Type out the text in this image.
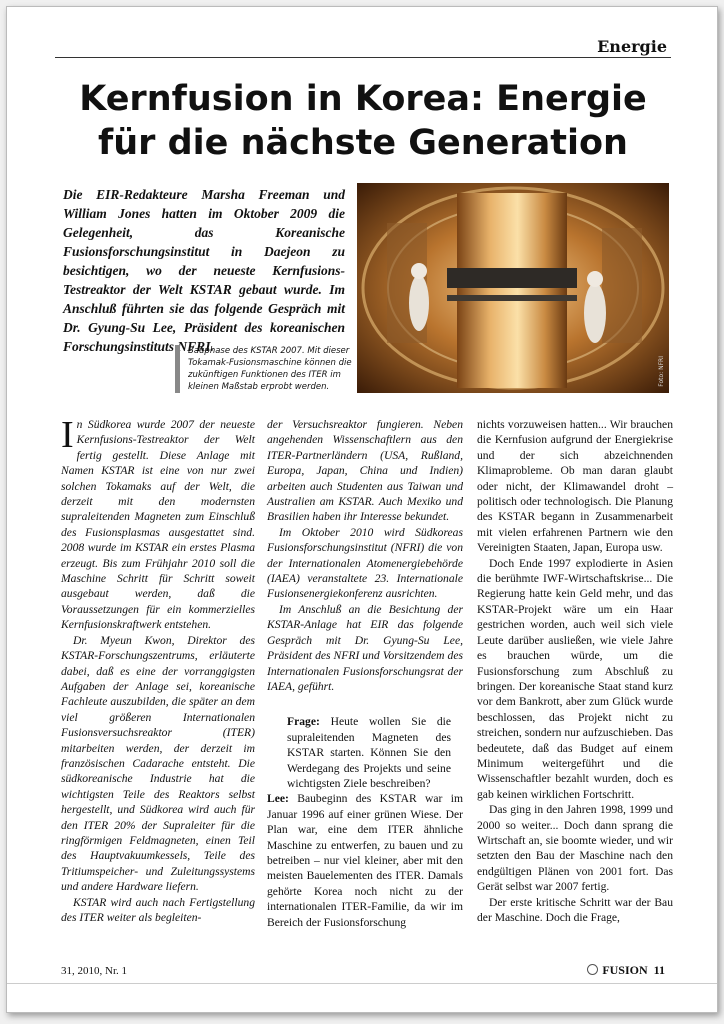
Energie
Kernfusion in Korea: Energie
für die nächste Generation

Die EIR-Redakteure Marsha Freeman und William Jones hatten im Oktober 2009 die Gelegenheit, das Koreanische Fusionsforschungsinstitut in Daejeon zu besichtigen, wo der neueste Kernfusions-Testreaktor der Welt KSTAR gebaut wurde. Im Anschluß führten sie das folgende Gespräch mit Dr. Gyung-Su Lee, Präsident des koreanischen Forschungsinstituts NFRI.

Foto: NFRI

Bauphase des KSTAR 2007. Mit dieser Tokamak-Fusionsmaschine können die zukünftigen Funktionen des ITER im kleinen Maßstab erprobt werden.

In Südkorea wurde 2007 der neueste Kernfusions-Testreaktor der Welt fertig gestellt. Diese Anlage mit Namen KSTAR ist eine von nur zwei solchen Tokamaks auf der Welt, die derzeit mit den modernsten supraleitenden Magneten zum Einschluß des Fusionsplasmas ausgestattet sind. 2008 wurde im KSTAR ein erstes Plasma erzeugt. Bis zum Frühjahr 2010 soll die Maschine Schritt für Schritt soweit ausgebaut werden, daß die Voraussetzungen für ein kommerzielles Kernfusionskraftwerk entstehen.

Dr. Myeun Kwon, Direktor des KSTAR-Forschungszentrums, erläuterte dabei, daß es eine der vorranggigsten Aufgaben der Anlage sei, koreanische Fachleute auszubilden, die später an dem viel größeren Internationalen Fusionsversuchsreaktor (ITER) mitarbeiten werden, der derzeit im französischen Cadarache entsteht. Die südkoreanische Industrie hat die wichtigsten Teile des Reaktors selbst hergestellt, und Südkorea wird auch für den ITER 20% der Supraleiter für die ringförmigen Feldmagneten, einen Teil des Hauptvakuumkessels, Teile des Tritiumspeicher- und Zuleitungssystems und andere Hardware liefern.

KSTAR wird auch nach Fertigstellung des ITER weiter als begleiten-

der Versuchsreaktor fungieren. Neben angehenden Wissenschaftlern aus den ITER-Partnerländern (USA, Rußland, Europa, Japan, China und Indien) arbeiten auch Studenten aus Taiwan und Australien am KSTAR. Auch Mexiko und Brasilien haben ihr Interesse bekundet.

Im Oktober 2010 wird Südkoreas Fusionsforschungsinstitut (NFRI) die von der Internationalen Atomenergiebehörde (IAEA) veranstaltete 23. Internationale Fusionsenergiekonferenz ausrichten.

Im Anschluß an die Besichtung der KSTAR-Anlage hat EIR das folgende Gespräch mit Dr. Gyung-Su Lee, Präsident des NFRI und Vorsitzendem des Internationalen Fusionsforschungsrat der IAEA, geführt.

Frage: Heute wollen Sie die supraleitenden Magneten des KSTAR starten. Können Sie den Werdegang des Projekts und seine wichtigsten Ziele beschreiben?

Lee: Baubeginn des KSTAR war im Januar 1996 auf einer grünen Wiese. Der Plan war, eine dem ITER ähnliche Maschine zu entwerfen, zu bauen und zu betreiben – nur viel kleiner, aber mit den meisten Bauelementen des ITER. Damals gehörte Korea noch nicht zu der internationalen ITER-Familie, da wir im Bereich der Fusionsforschung

nichts vorzuweisen hatten... Wir brauchen die Kernfusion aufgrund der Energiekrise und der sich abzeichnenden Klimaprobleme. Ob man daran glaubt oder nicht, der Klimawandel droht – politisch oder technologisch. Die Planung des KSTAR begann in Zusammenarbeit mit vielen erfahrenen Partnern wie den Vereinigten Staaten, Japan, Europa usw.

Doch Ende 1997 explodierte in Asien die berühmte IWF-Wirtschaftskrise... Die Regierung hatte kein Geld mehr, und das KSTAR-Projekt wäre um ein Haar gestrichen worden, auch weil sich viele Leute darüber ausließen, wie viele Jahre es brauchen würde, um die Fusionsforschung zum Abschluß zu bringen. Der koreanische Staat stand kurz vor dem Bankrott, aber zum Glück wurde beschlossen, das Projekt nicht zu streichen, sondern nur aufzuschieben. Das bedeutete, daß das Budget auf einem Minimum weitergeführt und die Wissenschaftler bezahlt wurden, doch es gab keinen wirklichen Fortschritt.

Das ging in den Jahren 1998, 1999 und 2000 so weiter... Doch dann sprang die Wirtschaft an, sie boomte wieder, und wir setzten den Bau der Maschine nach den endgültigen Plänen von 2001 fort. Das Gerät selbst war 2007 fertig.

Der erste kritische Schritt war der Bau der Maschine. Doch die Frage,

31, 2010, Nr. 1	FUSION 11
